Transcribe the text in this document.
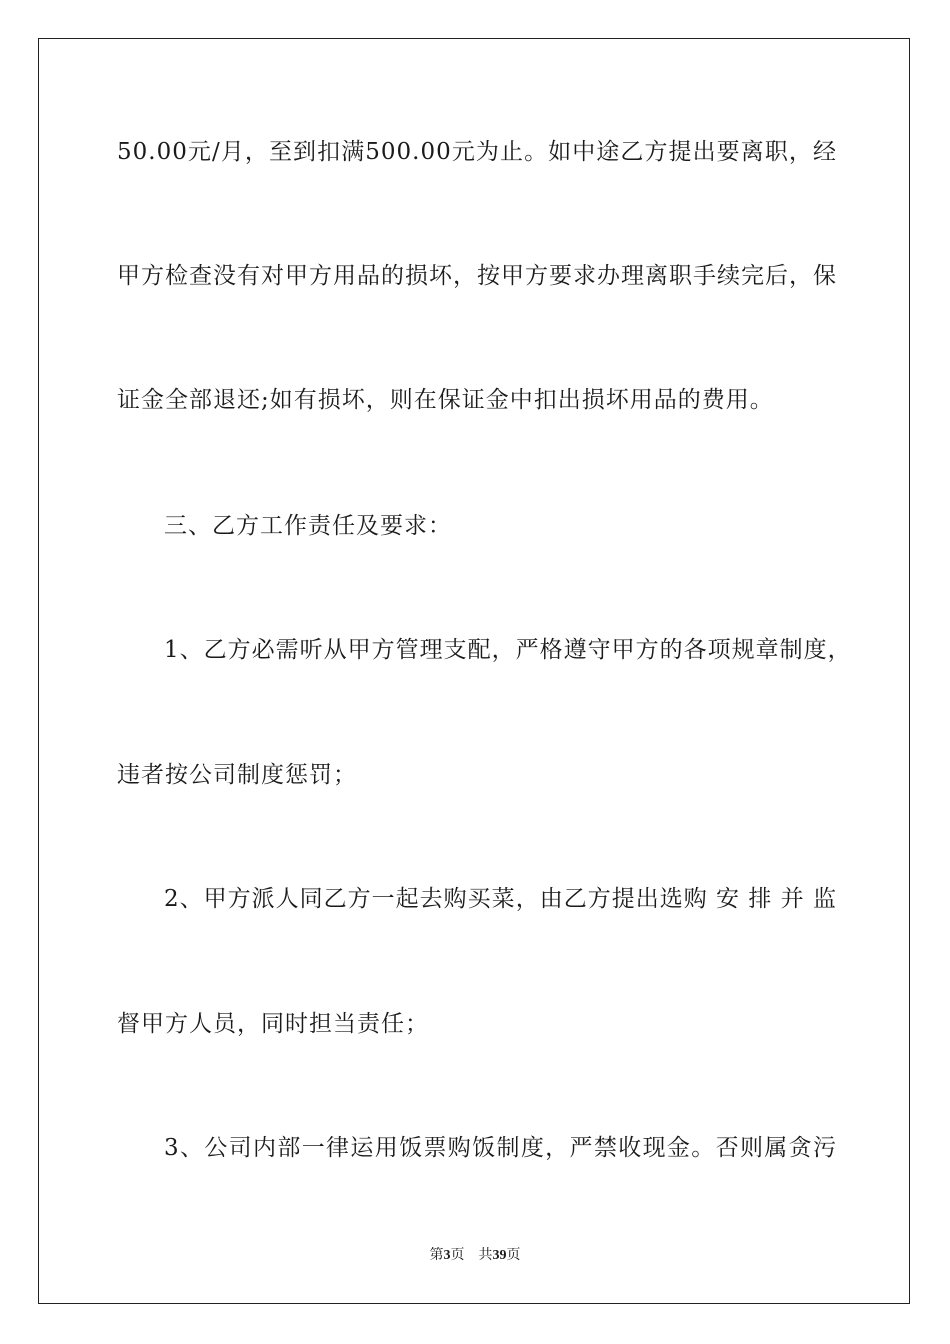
50.00元/月，至到扣满500.00元为止。如中途乙方提出要离职，经

甲方检查没有对甲方用品的损坏，按甲方要求办理离职手续完后，保

证金全部退还;如有损坏，则在保证金中扣出损坏用品的费用。

三、乙方工作责任及要求：

1、乙方必需听从甲方管理支配，严格遵守甲方的各项规章制度，

违者按公司制度惩罚；

2、甲方派人同乙方一起去购买菜，由乙方提出选购 安 排 并 监

督甲方人员，同时担当责任；

3、公司内部一律运用饭票购饭制度，严禁收现金。否则属贪污

第3页 共39页
